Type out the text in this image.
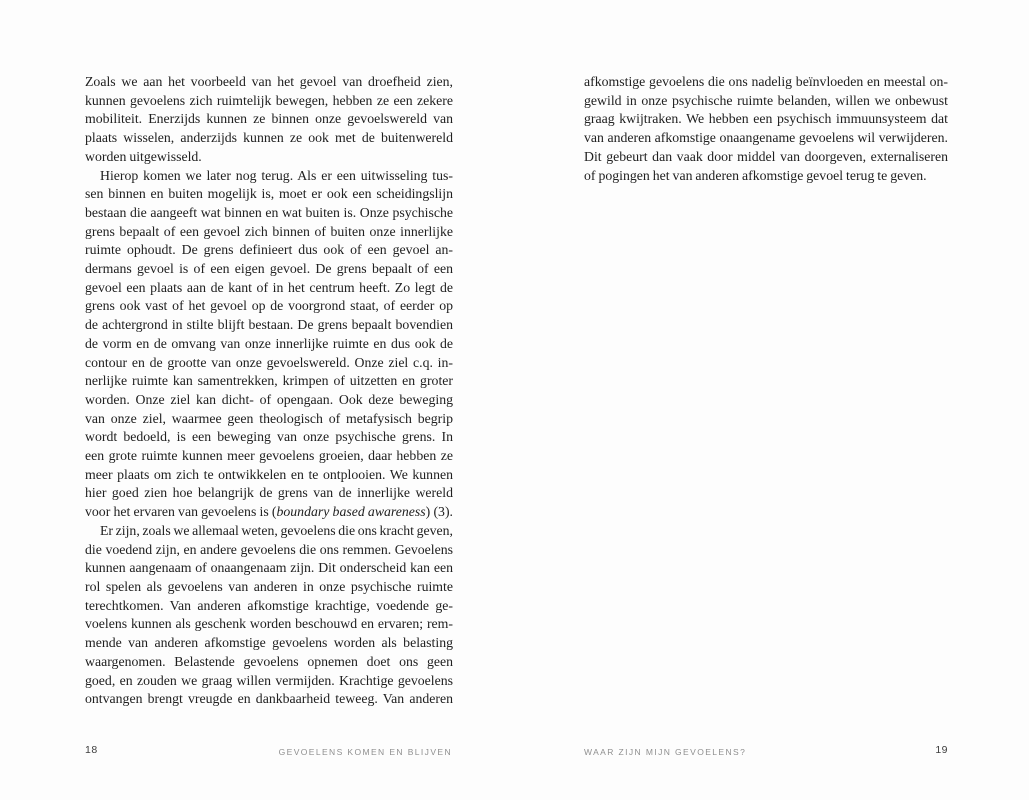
Zoals we aan het voorbeeld van het gevoel van droefheid zien,
kunnen gevoelens zich ruimtelijk bewegen, hebben ze een zekere
mobiliteit. Enerzijds kunnen ze binnen onze gevoelswereld van
plaats wisselen, anderzijds kunnen ze ook met de buitenwereld
worden uitgewisseld.
Hierop komen we later nog terug. Als er een uitwisseling tus-
sen binnen en buiten mogelijk is, moet er ook een scheidingslijn
bestaan die aangeeft wat binnen en wat buiten is. Onze psychische
grens bepaalt of een gevoel zich binnen of buiten onze innerlijke
ruimte ophoudt. De grens definieert dus ook of een gevoel an-
dermans gevoel is of een eigen gevoel. De grens bepaalt of een
gevoel een plaats aan de kant of in het centrum heeft. Zo legt de
grens ook vast of het gevoel op de voorgrond staat, of eerder op
de achtergrond in stilte blijft bestaan. De grens bepaalt bovendien
de vorm en de omvang van onze innerlijke ruimte en dus ook de
contour en de grootte van onze gevoelswereld. Onze ziel c.q. in-
nerlijke ruimte kan samentrekken, krimpen of uitzetten en groter
worden. Onze ziel kan dicht- of opengaan. Ook deze beweging
van onze ziel, waarmee geen theologisch of metafysisch begrip
wordt bedoeld, is een beweging van onze psychische grens. In
een grote ruimte kunnen meer gevoelens groeien, daar hebben ze
meer plaats om zich te ontwikkelen en te ontplooien. We kunnen
hier goed zien hoe belangrijk de grens van de innerlijke wereld
voor het ervaren van gevoelens is (boundary based awareness) (3).
Er zijn, zoals we allemaal weten, gevoelens die ons kracht geven,
die voedend zijn, en andere gevoelens die ons remmen. Gevoelens
kunnen aangenaam of onaangenaam zijn. Dit onderscheid kan een
rol spelen als gevoelens van anderen in onze psychische ruimte
terechtkomen. Van anderen afkomstige krachtige, voedende ge-
voelens kunnen als geschenk worden beschouwd en ervaren; rem-
mende van anderen afkomstige gevoelens worden als belasting
waargenomen. Belastende gevoelens opnemen doet ons geen
goed, en zouden we graag willen vermijden. Krachtige gevoelens
ontvangen brengt vreugde en dankbaarheid teweeg. Van anderen
18	GEVOELENS KOMEN EN BLIJVEN
afkomstige gevoelens die ons nadelig beïnvloeden en meestal on-
gewild in onze psychische ruimte belanden, willen we onbewust
graag kwijtraken. We hebben een psychisch immuunsysteem dat
van anderen afkomstige onaangename gevoelens wil verwijderen.
Dit gebeurt dan vaak door middel van doorgeven, externaliseren
of pogingen het van anderen afkomstige gevoel terug te geven.
WAAR ZIJN MIJN GEVOELENS?	19
